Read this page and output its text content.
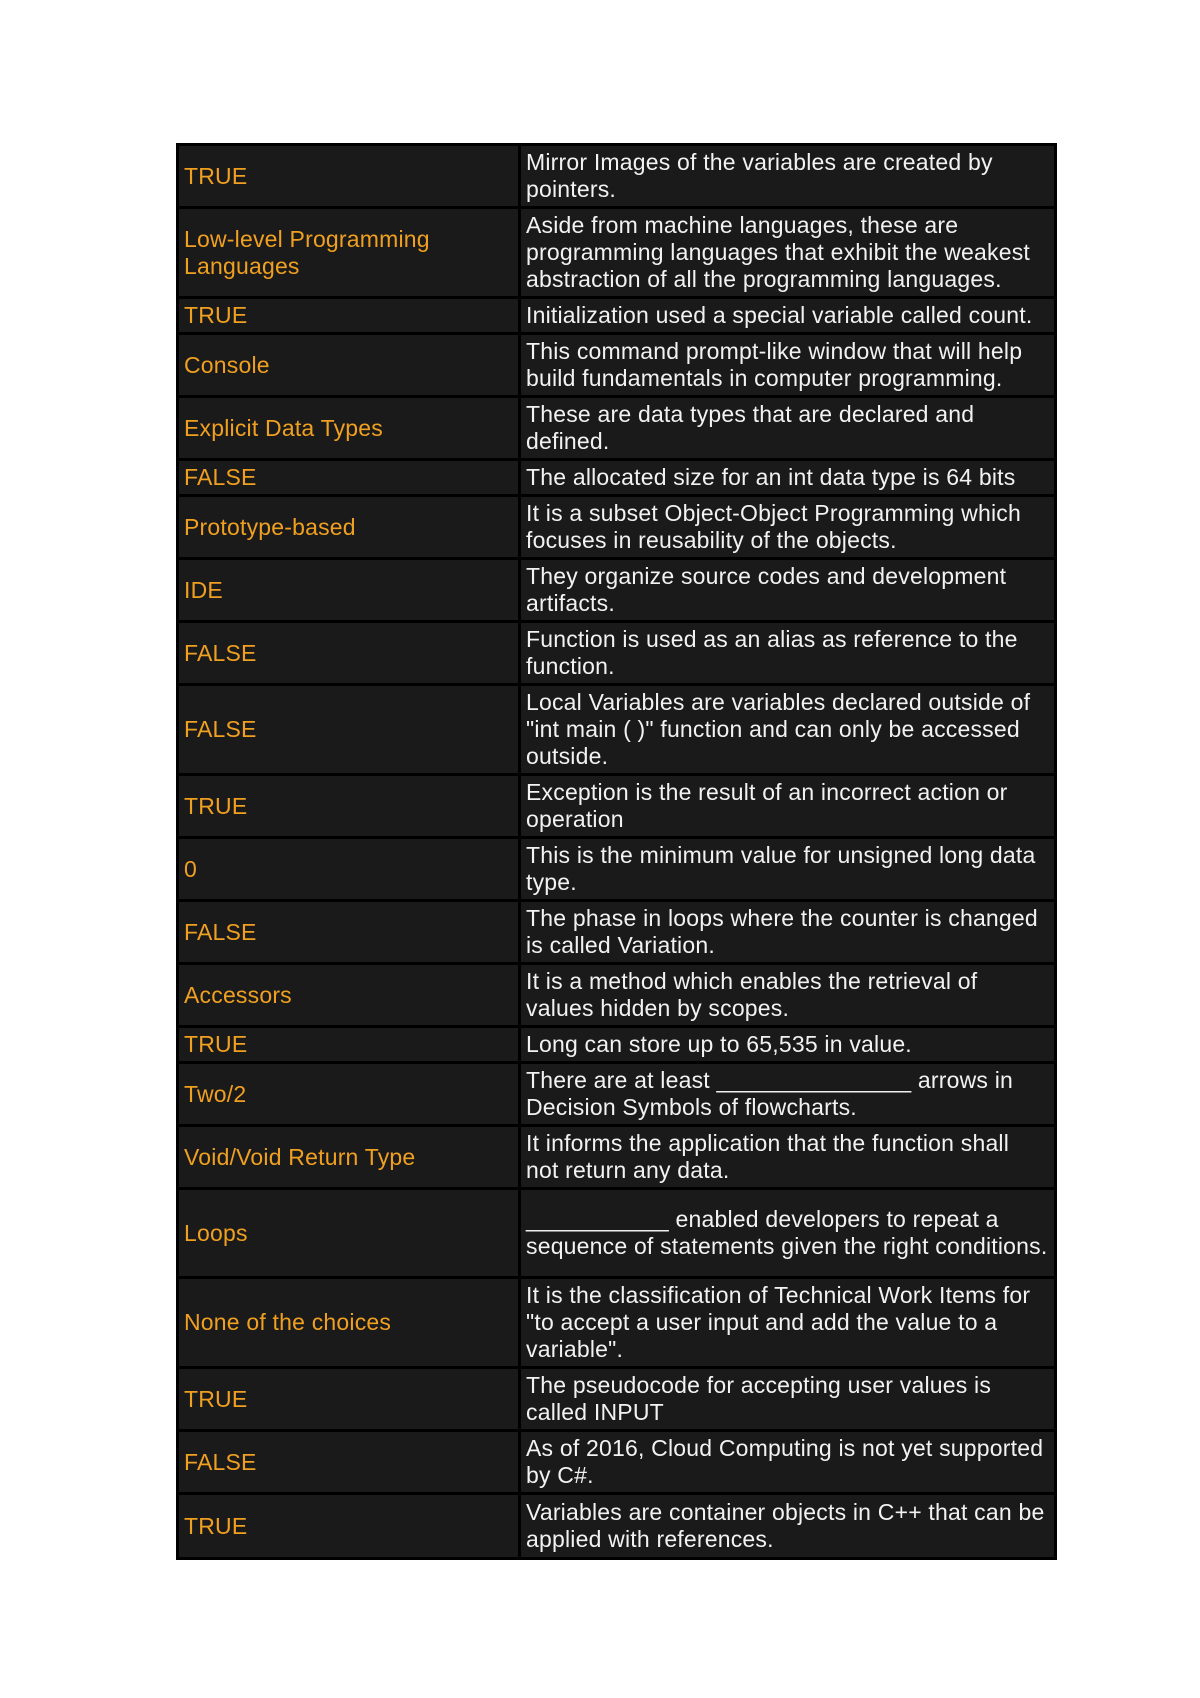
TRUE	Mirror Images of the variables are created by pointers.
Low-level Programming Languages	Aside from machine languages, these are programming languages that exhibit the weakest abstraction of all the programming languages.
TRUE	Initialization used a special variable called count.
Console	This command prompt-like window that will help build fundamentals in computer programming.
Explicit Data Types	These are data types that are declared and defined.
FALSE	The allocated size for an int data type is 64 bits
Prototype-based	It is a subset Object-Object Programming which focuses in reusability of the objects.
IDE	They organize source codes and development artifacts.
FALSE	Function is used as an alias as reference to the function.
FALSE	Local Variables are variables declared outside of "int main ( )" function and can only be accessed outside.
TRUE	Exception is the result of an incorrect action or operation
0	This is the minimum value for unsigned long data type.
FALSE	The phase in loops where the counter is changed is called Variation.
Accessors	It is a method which enables the retrieval of values hidden by scopes.
TRUE	Long can store up to 65,535 in value.
Two/2	There are at least _______________ arrows in Decision Symbols of flowcharts.
Void/Void Return Type	It informs the application that the function shall not return any data.
Loops	___________ enabled developers to repeat a sequence of statements given the right conditions.
None of the choices	It is the classification of Technical Work Items for "to accept a user input and add the value to a variable".
TRUE	The pseudocode for accepting user values is called INPUT
FALSE	As of 2016, Cloud Computing is not yet supported by C#.
TRUE	Variables are container objects in C++ that can be applied with references.
